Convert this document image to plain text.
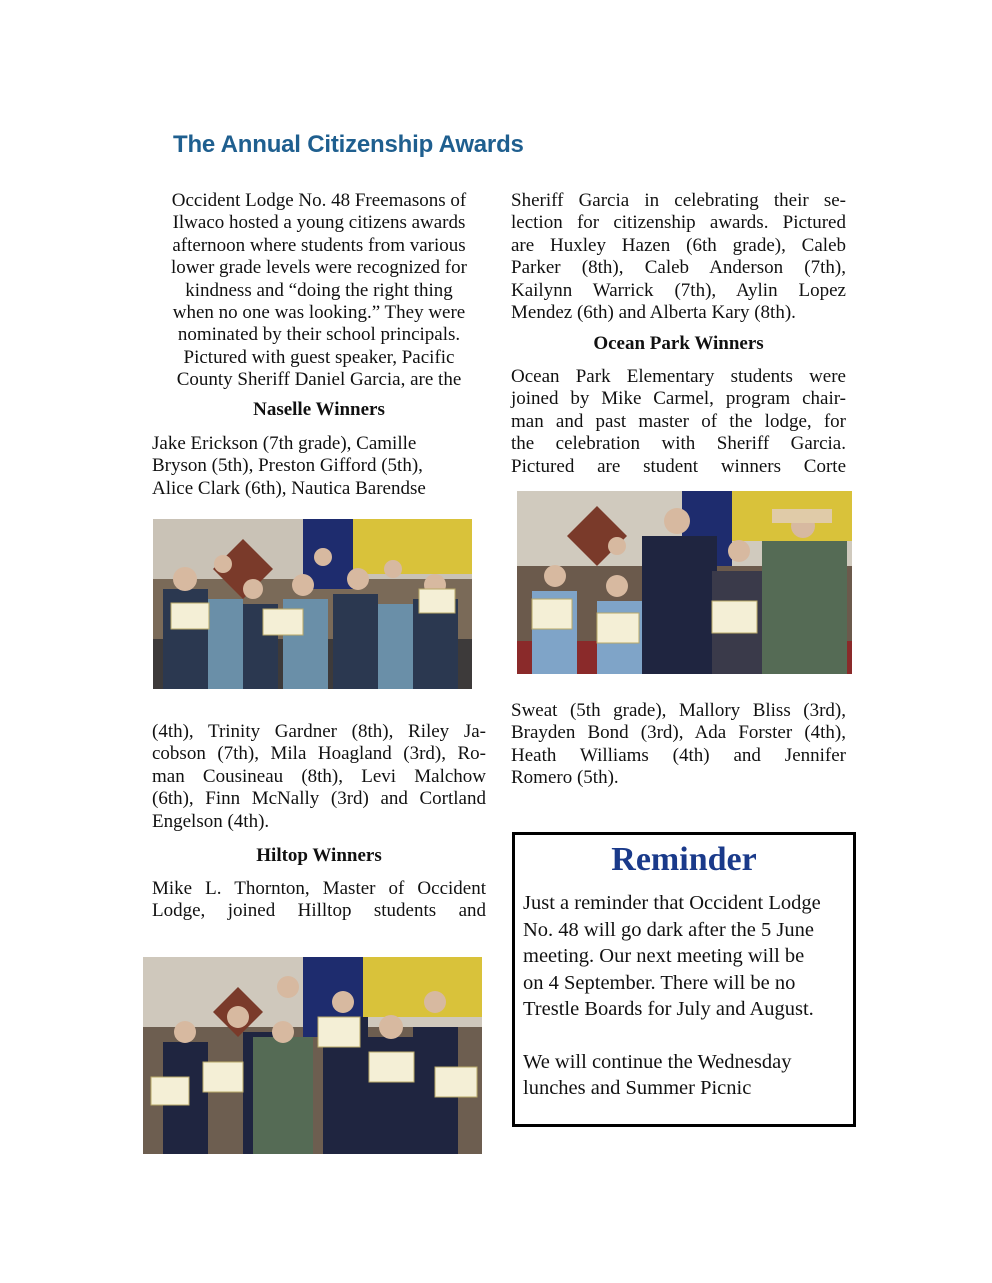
The Annual Citizenship Awards
Occident Lodge No. 48 Freemasons of
Ilwaco hosted a young citizens awards
afternoon where students from various
lower grade levels were recognized for
kindness and “doing the right thing
when no one was looking.” They were
nominated by their school principals.
Pictured with guest speaker, Pacific
County Sheriff Daniel Garcia, are the
Naselle Winners
Jake Erickson (7th grade), Camille
Bryson (5th), Preston Gifford (5th),
Alice Clark (6th), Nautica Barendse
(4th), Trinity Gardner (8th), Riley Ja-
cobson (7th), Mila Hoagland (3rd), Ro-
man Cousineau (8th), Levi Malchow
(6th), Finn McNally (3rd) and Cortland
Engelson (4th).
Hiltop Winners
Mike L. Thornton, Master of Occident
Lodge, joined Hilltop students and
Sheriff Garcia in celebrating their se-
lection for citizenship awards. Pictured
are Huxley Hazen (6th grade), Caleb
Parker (8th), Caleb Anderson (7th),
Kailynn Warrick (7th), Aylin Lopez
Mendez (6th) and Alberta Kary (8th).
Ocean Park Winners
Ocean Park Elementary students were
joined by Mike Carmel, program chair-
man and past master of the lodge, for
the celebration with Sheriff Garcia.
Pictured are student winners Corte
Sweat (5th grade), Mallory Bliss (3rd),
Brayden Bond (3rd), Ada Forster (4th),
Heath Williams (4th) and Jennifer
Romero (5th).
Reminder
Just a reminder that Occident Lodge
No. 48 will go dark after the 5 June
meeting. Our next meeting will be
on 4 September. There will be no
Trestle Boards for July and August.
We will continue the Wednesday
lunches and Summer Picnic
